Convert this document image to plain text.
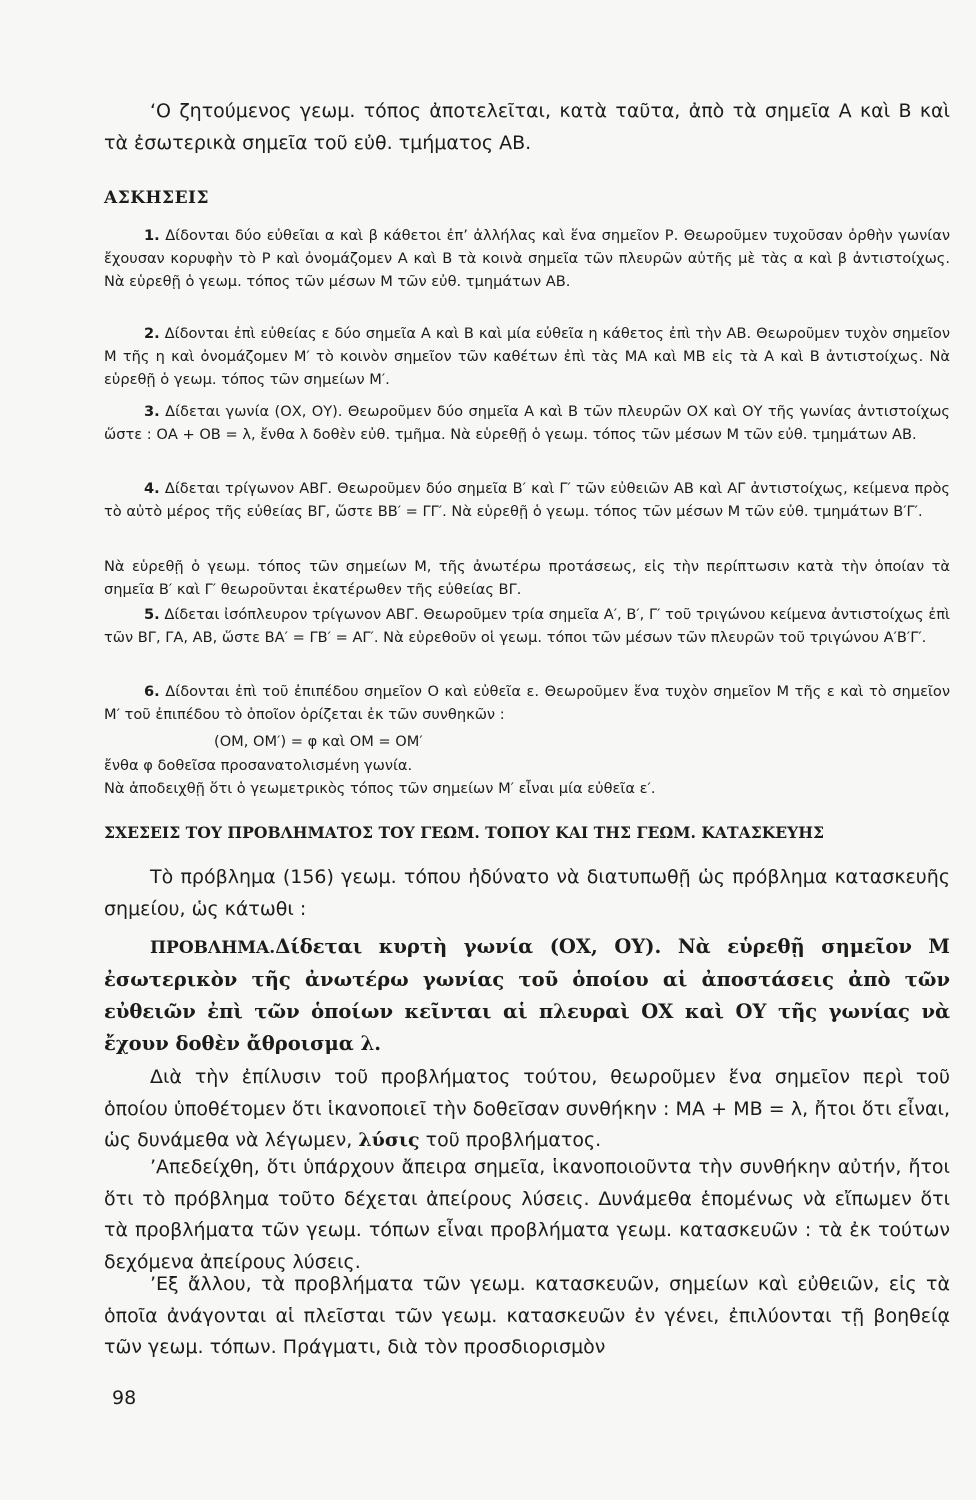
‘Ο ζητούμενος γεωμ. τόπος ἀποτελεῖται, κατὰ ταῦτα, ἀπὸ τὰ σημεῖα Α καὶ Β καὶ τὰ ἐσωτερικὰ σημεῖα τοῦ εὐθ. τμήματος ΑΒ.

ΑΣΚΗΣΕΙΣ

1. Δίδονται δύο εὐθεῖαι α καὶ β κάθετοι ἐπ’ ἀλλήλας καὶ ἕνα σημεῖον Ρ. Θεωροῦμεν τυχοῦσαν ὀρθὴν γωνίαν ἔχουσαν κορυφὴν τὸ Ρ καὶ ὀνομάζομεν Α καὶ Β τὰ κοινὰ σημεῖα τῶν πλευρῶν αὐτῆς μὲ τὰς α καὶ β ἀντιστοίχως. Νὰ εὑρεθῇ ὁ γεωμ. τόπος τῶν μέσων Μ τῶν εὐθ. τμημάτων ΑΒ.

2. Δίδονται ἐπὶ εὐθείας ε δύο σημεῖα Α καὶ Β καὶ μία εὐθεῖα η κάθετος ἐπὶ τὴν ΑΒ. Θεωροῦμεν τυχὸν σημεῖον Μ τῆς η καὶ ὀνομάζομεν Μ′ τὸ κοινὸν σημεῖον τῶν καθέτων ἐπὶ τὰς ΜΑ καὶ ΜΒ εἰς τὰ Α καὶ Β ἀντιστοίχως. Νὰ εὑρεθῇ ὁ γεωμ. τόπος τῶν σημείων Μ′.

3. Δίδεται γωνία (ΟΧ, ΟΥ). Θεωροῦμεν δύο σημεῖα Α καὶ Β τῶν πλευρῶν ΟΧ καὶ ΟΥ τῆς γωνίας ἀντιστοίχως ὥστε : ΟΑ + ΟΒ = λ, ἔνθα λ δοθὲν εὐθ. τμῆμα. Νὰ εὑρεθῇ ὁ γεωμ. τόπος τῶν μέσων Μ τῶν εὐθ. τμημάτων ΑΒ.

4. Δίδεται τρίγωνον ΑΒΓ. Θεωροῦμεν δύο σημεῖα Β′ καὶ Γ′ τῶν εὐθειῶν ΑΒ καὶ ΑΓ ἀντιστοίχως, κείμενα πρὸς τὸ αὐτὸ μέρος τῆς εὐθείας ΒΓ, ὥστε ΒΒ′ = ΓΓ′. Νὰ εὑρεθῇ ὁ γεωμ. τόπος τῶν μέσων Μ τῶν εὐθ. τμημάτων Β′Γ′.

Νὰ εὑρεθῇ ὁ γεωμ. τόπος τῶν σημείων Μ, τῆς ἀνωτέρω προτάσεως, εἰς τὴν περίπτωσιν κατὰ τὴν ὁποίαν τὰ σημεῖα Β′ καὶ Γ′ θεωροῦνται ἑκατέρωθεν τῆς εὐθείας ΒΓ.

5. Δίδεται ἰσόπλευρον τρίγωνον ΑΒΓ. Θεωροῦμεν τρία σημεῖα Α′, Β′, Γ′ τοῦ τριγώνου κείμενα ἀντιστοίχως ἐπὶ τῶν ΒΓ, ΓΑ, ΑΒ, ὥστε ΒΑ′ = ΓΒ′ = ΑΓ′. Νὰ εὑρεθοῦν οἱ γεωμ. τόποι τῶν μέσων τῶν πλευρῶν τοῦ τριγώνου Α′Β′Γ′.

6. Δίδονται ἐπὶ τοῦ ἐπιπέδου σημεῖον Ο καὶ εὐθεῖα ε. Θεωροῦμεν ἕνα τυχὸν σημεῖον Μ τῆς ε καὶ τὸ σημεῖον Μ′ τοῦ ἐπιπέδου τὸ ὁποῖον ὁρίζεται ἐκ τῶν συνθηκῶν :

(ΟΜ, ΟΜ′) = φ καὶ ΟΜ = ΟΜ′
ἔνθα φ δοθεῖσα προσανατολισμένη γωνία.
Νὰ ἀποδειχθῇ ὅτι ὁ γεωμετρικὸς τόπος τῶν σημείων Μ′ εἶναι μία εὐθεῖα ε′.
ΣΧΕΣΕΙΣ ΤΟΥ ΠΡΟΒΛΗΜΑΤΟΣ ΤΟΥ ΓΕΩΜ. ΤΟΠΟΥ ΚΑΙ ΤΗΣ ΓΕΩΜ. ΚΑΤΑΣΚΕΥΗΣ

Τὸ πρόβλημα (156) γεωμ. τόπου ἠδύνατο νὰ διατυπωθῇ ὡς πρόβλημα κατασκευῆς σημείου, ὡς κάτωθι :

ΠΡΟΒΛΗΜΑ.Δίδεται κυρτὴ γωνία (ΟΧ, ΟΥ). Νὰ εὑρεθῇ σημεῖον Μ ἐσωτερικὸν τῆς ἀνωτέρω γωνίας τοῦ ὁποίου αἱ ἀποστάσεις ἀπὸ τῶν εὐθειῶν ἐπὶ τῶν ὁποίων κεῖνται αἱ πλευραὶ ΟΧ καὶ ΟΥ τῆς γωνίας νὰ ἔχουν δοθὲν ἄθροισμα λ.

Διὰ τὴν ἐπίλυσιν τοῦ προβλήματος τούτου, θεωροῦμεν ἕνα σημεῖον περὶ τοῦ ὁποίου ὑποθέτομεν ὅτι ἱκανοποιεῖ τὴν δοθεῖσαν συνθήκην : ΜΑ + ΜΒ = λ, ἤτοι ὅτι εἶναι, ὡς δυνάμεθα νὰ λέγωμεν, λύσις τοῦ προβλήματος.

’Απεδείχθη, ὅτι ὑπάρχουν ἄπειρα σημεῖα, ἱκανοποιοῦντα τὴν συνθήκην αὐτήν, ἤτοι ὅτι τὸ πρόβλημα τοῦτο δέχεται ἀπείρους λύσεις. Δυνάμεθα ἑπομένως νὰ εἴπωμεν ὅτι τὰ προβλήματα τῶν γεωμ. τόπων εἶναι προβλήματα γεωμ. κατασκευῶν : τὰ ἐκ τούτων δεχόμενα ἀπείρους λύσεις.

’Εξ ἄλλου, τὰ προβλήματα τῶν γεωμ. κατασκευῶν, σημείων καὶ εὐθειῶν, εἰς τὰ ὁποῖα ἀνάγονται αἱ πλεῖσται τῶν γεωμ. κατασκευῶν ἐν γένει, ἐπιλύονται τῇ βοηθείᾳ τῶν γεωμ. τόπων. Πράγματι, διὰ τὸν προσδιορισμὸν

98
